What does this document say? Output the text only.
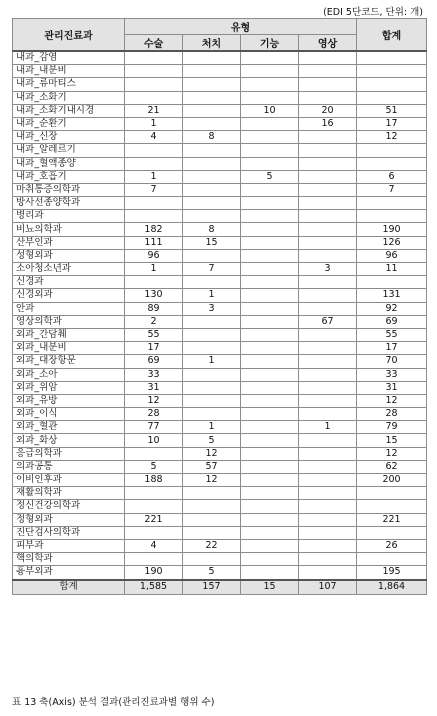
(EDI 5단코드, 단위: 개)
관리진료과	유형				합계
	수술	처치	기능	영상	
내과_감염					
내과_내분비					
내과_류마티스					
내과_소화기					
내과_소화기내시경	21		10	20	51
내과_순환기	1			16	17
내과_신장	4	8			12
내과_알레르기					
내과_혈액종양					
내과_호흡기	1		5		6
마취통증의학과	7				7
방사선종양학과					
병리과					
비뇨의학과	182	8			190
산부인과	111	15			126
성형외과	96				96
소아청소년과	1	7		3	11
신경과					
신경외과	130	1			131
안과	89	3			92
영상의학과	2			67	69
외과_간담췌	55				55
외과_내분비	17				17
외과_대장항문	69	1			70
외과_소아	33				33
외과_위암	31				31
외과_유방	12				12
외과_이식	28				28
외과_혈관	77	1		1	79
외과_화상	10	5			15
응급의학과		12			12
의과공통	5	57			62
이비인후과	188	12			200
재활의학과					
정신건강의학과					
정형외과	221				221
진단검사의학과					
피부과	4	22			26
핵의학과					
흉부외과	190	5			195
합계	1,585	157	15	107	1,864
표 13 축(Axis) 분석 결과(관리진료과별 행위 수)
